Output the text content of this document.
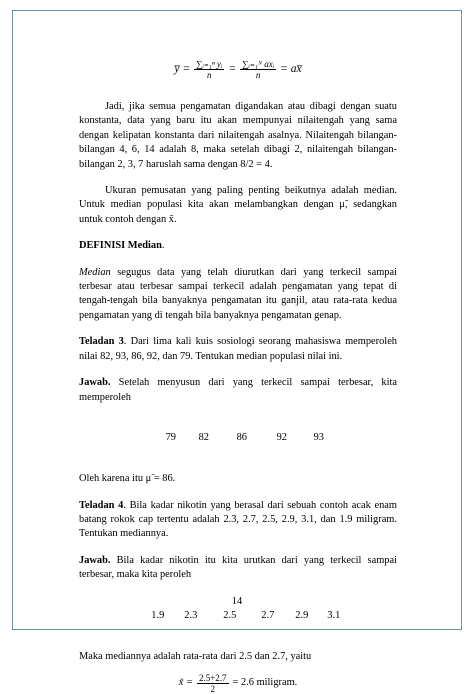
y̅ = $\frac{\text{∑ᵢ₌₁ⁿ yᵢ}}{n} = \frac{\text{∑ᵢ₌₁ᴺ axᵢ}}{n}$ = ax̅

Jadi, jika semua pengamatan digandakan atau dibagi dengan suatu konstanta, data yang baru itu akan mempunyai nilaitengah yang sama dengan kelipatan konstanta dari nilaitengah asalnya. Nilaitengah bilangan-bilangan 4, 6, 14 adalah 8, maka setelah dibagi 2, nilaitengah bilangan-bilangan 2, 3, 7 haruslah sama dengan 8/2 = 4.

Ukuran pemusatan yang paling penting beikutnya adalah median. Untuk median populasi kita akan melambangkan dengan μ̃, sedangkan untuk contoh dengan x̃.

DEFINISI Median.

Median segugus data yang telah diurutkan dari yang terkecil sampai terbesar atau terbesar sampai terkecil adalah pengamatan yang tepat di tengah-tengah bila banyaknya pengamatan itu ganjil, atau rata-rata kedua pengamatan yang di tengah bila banyaknya pengamatan genap.

Teladan 3. Dari lima kali kuis sosiologi seorang mahasiswa memperoleh nilai 82, 93, 86, 92, dan 79. Tentukan median populasi nilai ini.

Jawab. Setelah menyusun dari yang terkecil sampai terbesar, kita memperoleh

79 82	86	92	93

Oleh karena itu μ̃ = 86.

Teladan 4. Bila kadar nikotin yang berasal dari sebuah contoh acak enam batang rokok cap tertentu adalah 2.3, 2.7, 2.5, 2.9, 3.1, dan 1.9 miligram. Tentukan mediannya.

Jawab. Bila kadar nikotin itu kita urutkan dari yang terkecil sampai terbesar, maka kita peroleh

1.9 2.3	2.5 2.7 2.9 3.1

Maka mediannya adalah rata-rata dari 2.5 dan 2.7, yaitu

x̃ = $\frac{2.5+2.7}{2} = 2.6$ miligram.
14
